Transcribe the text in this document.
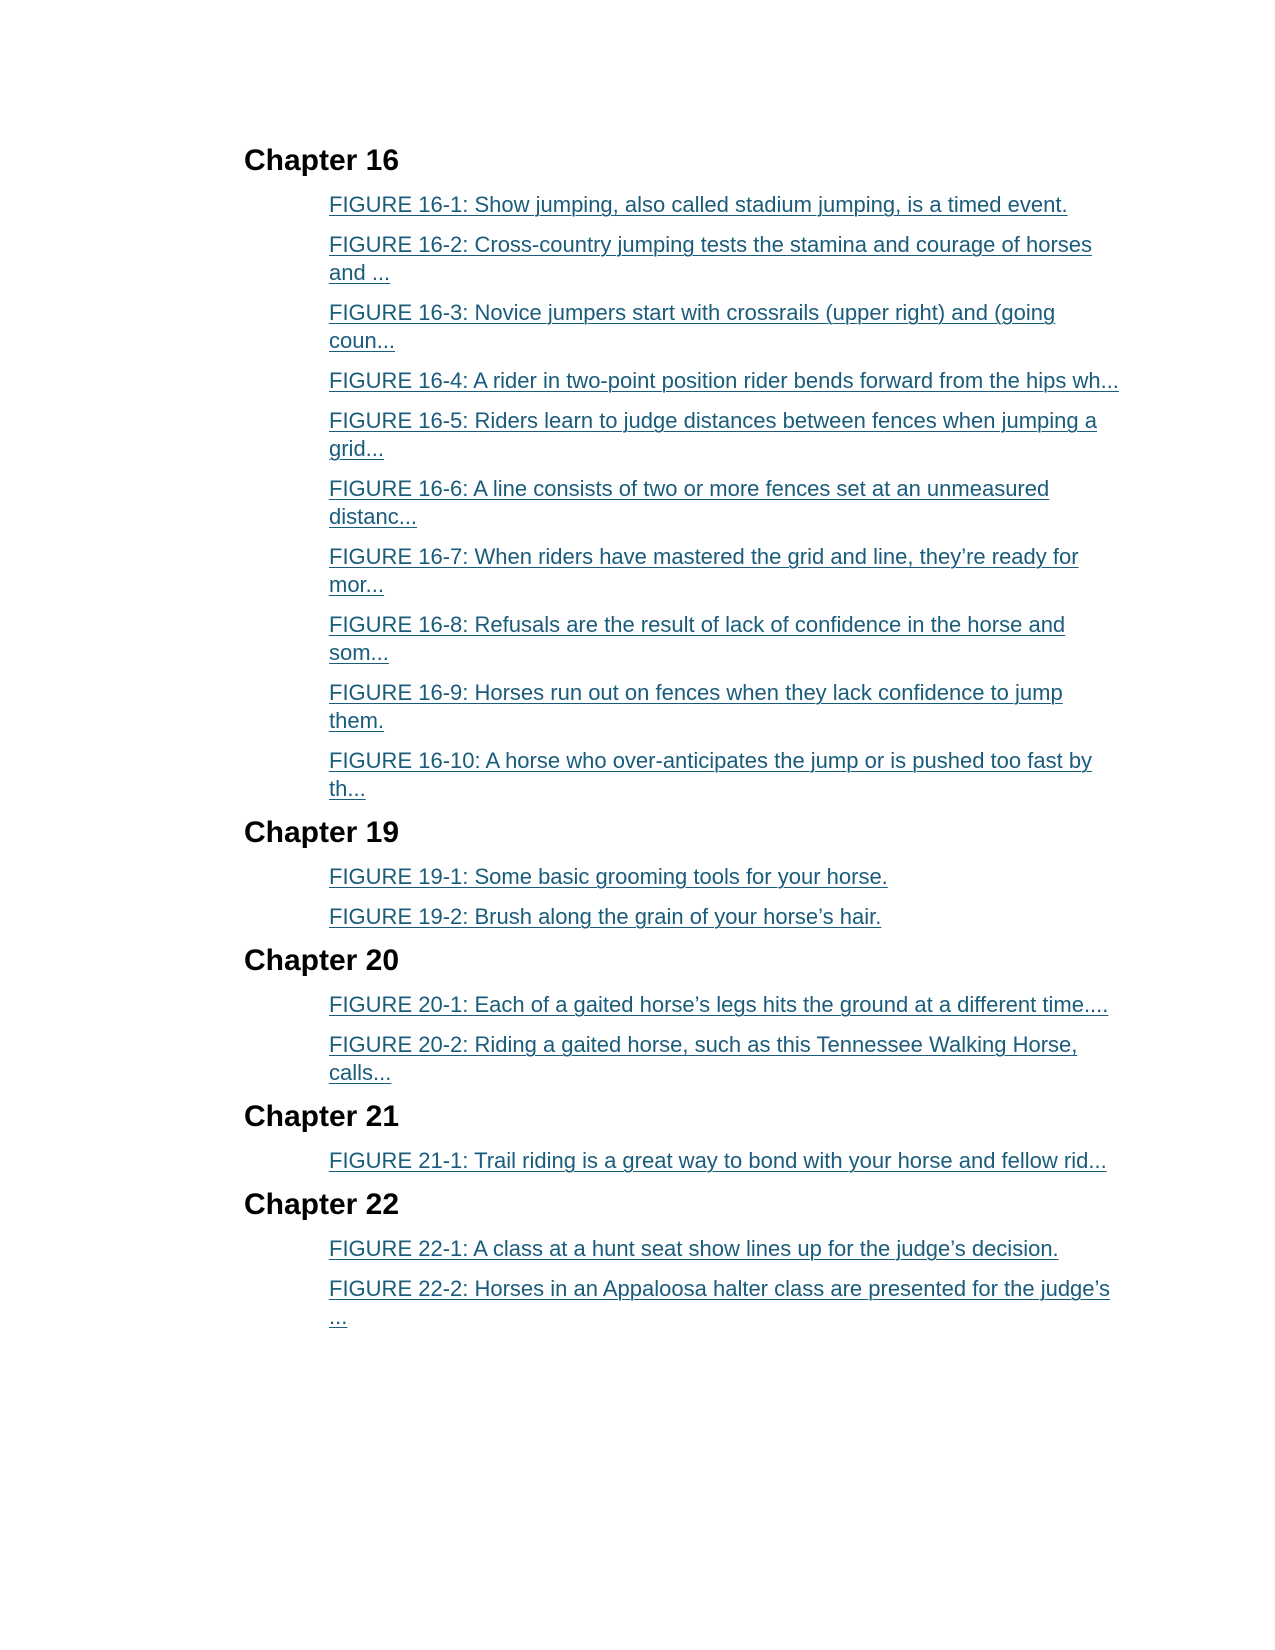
Chapter 16
FIGURE 16-1: Show jumping, also called stadium jumping, is a timed event.
FIGURE 16-2: Cross-country jumping tests the stamina and courage of horses and ...
FIGURE 16-3: Novice jumpers start with crossrails (upper right) and (going coun...
FIGURE 16-4: A rider in two-point position rider bends forward from the hips wh...
FIGURE 16-5: Riders learn to judge distances between fences when jumping a grid...
FIGURE 16-6: A line consists of two or more fences set at an unmeasured distanc...
FIGURE 16-7: When riders have mastered the grid and line, they’re ready for mor...
FIGURE 16-8: Refusals are the result of lack of confidence in the horse and som...
FIGURE 16-9: Horses run out on fences when they lack confidence to jump them.
FIGURE 16-10: A horse who over-anticipates the jump or is pushed too fast by th...
Chapter 19
FIGURE 19-1: Some basic grooming tools for your horse.
FIGURE 19-2: Brush along the grain of your horse’s hair.
Chapter 20
FIGURE 20-1: Each of a gaited horse’s legs hits the ground at a different time....
FIGURE 20-2: Riding a gaited horse, such as this Tennessee Walking Horse, calls...
Chapter 21
FIGURE 21-1: Trail riding is a great way to bond with your horse and fellow rid...
Chapter 22
FIGURE 22-1: A class at a hunt seat show lines up for the judge’s decision.
FIGURE 22-2: Horses in an Appaloosa halter class are presented for the judge’s ...
